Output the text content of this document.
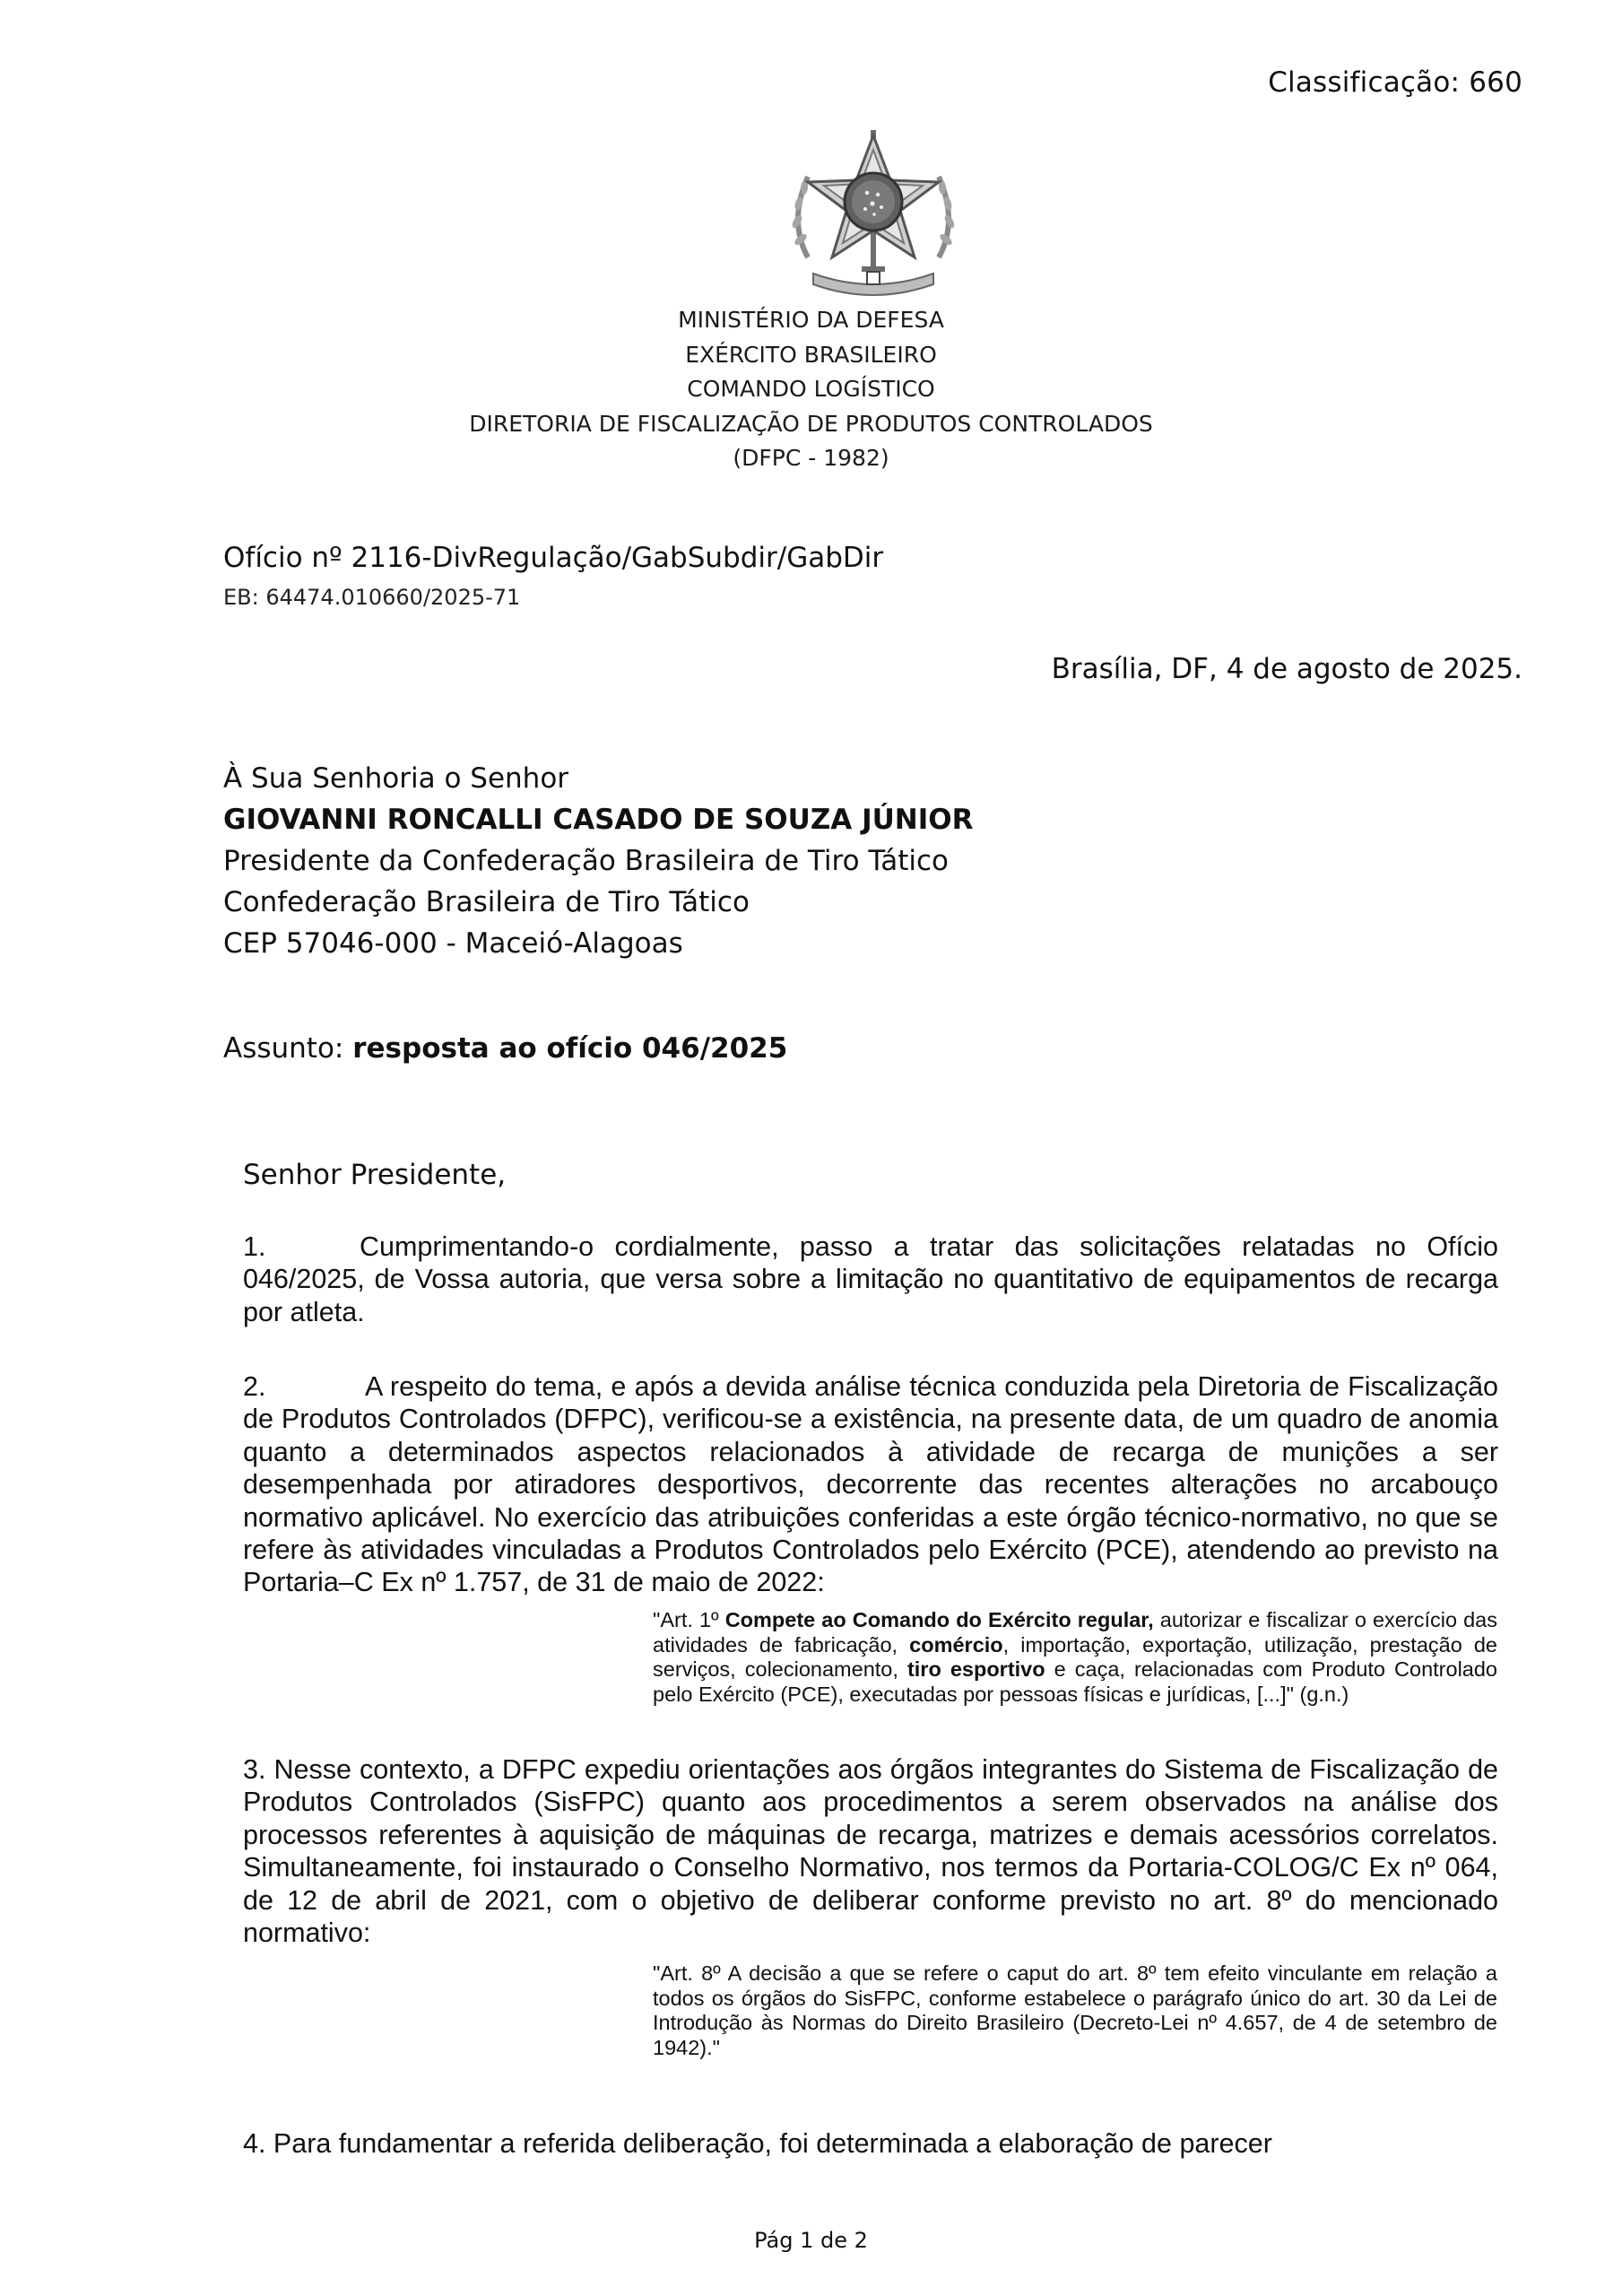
Classificação: 660
MINISTÉRIO DA DEFESA
EXÉRCITO BRASILEIRO
COMANDO LOGÍSTICO
DIRETORIA DE FISCALIZAÇÃO DE PRODUTOS CONTROLADOS
(DFPC - 1982)
Ofício nº 2116-DivRegulação/GabSubdir/GabDir
EB: 64474.010660/2025-71
Brasília, DF, 4 de agosto de 2025.
À Sua Senhoria o Senhor
GIOVANNI RONCALLI CASADO DE SOUZA JÚNIOR
Presidente da Confederação Brasileira de Tiro Tático
Confederação Brasileira de Tiro Tático
CEP 57046-000 - Maceió-Alagoas
Assunto: resposta ao ofício 046/2025
Senhor Presidente,
1.	Cumprimentando-o cordialmente, passo a tratar das solicitações relatadas no Ofício 046/2025, de Vossa autoria, que versa sobre a limitação no quantitativo de equipamentos de recarga por atleta.
2.	A respeito do tema, e após a devida análise técnica conduzida pela Diretoria de Fiscalização de Produtos Controlados (DFPC), verificou-se a existência, na presente data, de um quadro de anomia quanto a determinados aspectos relacionados à atividade de recarga de munições a ser desempenhada por atiradores desportivos, decorrente das recentes alterações no arcabouço normativo aplicável. No exercício das atribuições conferidas a este órgão técnico-normativo, no que se refere às atividades vinculadas a Produtos Controlados pelo Exército (PCE), atendendo ao previsto na Portaria–C Ex nº 1.757, de 31 de maio de 2022:
"Art. 1º Compete ao Comando do Exército regular, autorizar e fiscalizar o exercício das atividades de fabricação, comércio, importação, exportação, utilização, prestação de serviços, colecionamento, tiro esportivo e caça, relacionadas com Produto Controlado pelo Exército (PCE), executadas por pessoas físicas e jurídicas, [...]" (g.n.)
3. Nesse contexto, a DFPC expediu orientações aos órgãos integrantes do Sistema de Fiscalização de Produtos Controlados (SisFPC) quanto aos procedimentos a serem observados na análise dos processos referentes à aquisição de máquinas de recarga, matrizes e demais acessórios correlatos. Simultaneamente, foi instaurado o Conselho Normativo, nos termos da Portaria-COLOG/C Ex nº 064, de 12 de abril de 2021, com o objetivo de deliberar conforme previsto no art. 8º do mencionado normativo:
"Art. 8º A decisão a que se refere o caput do art. 8º tem efeito vinculante em relação a todos os órgãos do SisFPC, conforme estabelece o parágrafo único do art. 30 da Lei de Introdução às Normas do Direito Brasileiro (Decreto-Lei nº 4.657, de 4 de setembro de 1942)."
4. Para fundamentar a referida deliberação, foi determinada a elaboração de parecer
Pág 1 de 2
